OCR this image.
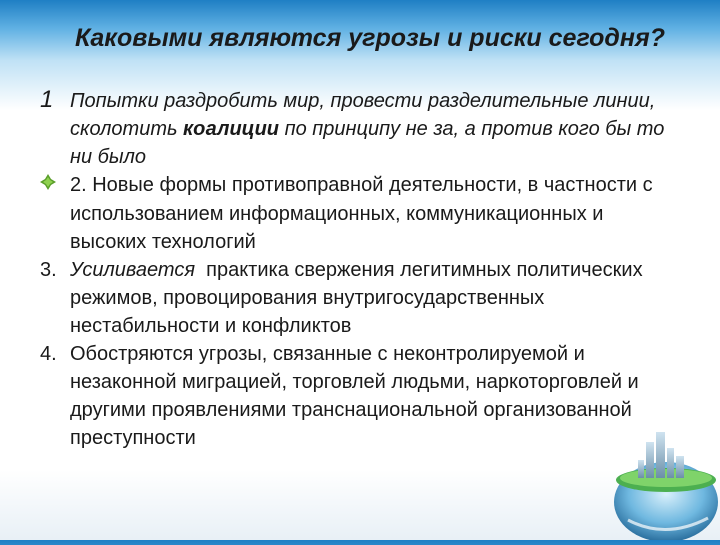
Каковыми являются угрозы и риски сегодня?

1 Попытки раздробить мир, провести разделительные линии, сколотить коалиции по принципу не за, а против кого бы то ни было

2. Новые формы противоправной деятельности, в частности с использованием информационных, коммуникационных и высоких технологий

3. Усиливается  практика свержения легитимных политических режимов, провоцирования внутригосударственных нестабильности и конфликтов

4. Обостряются угрозы, связанные с неконтролируемой и незаконной миграцией, торговлей людьми, наркоторговлей и другими проявлениями транснациональной организованной преступности
